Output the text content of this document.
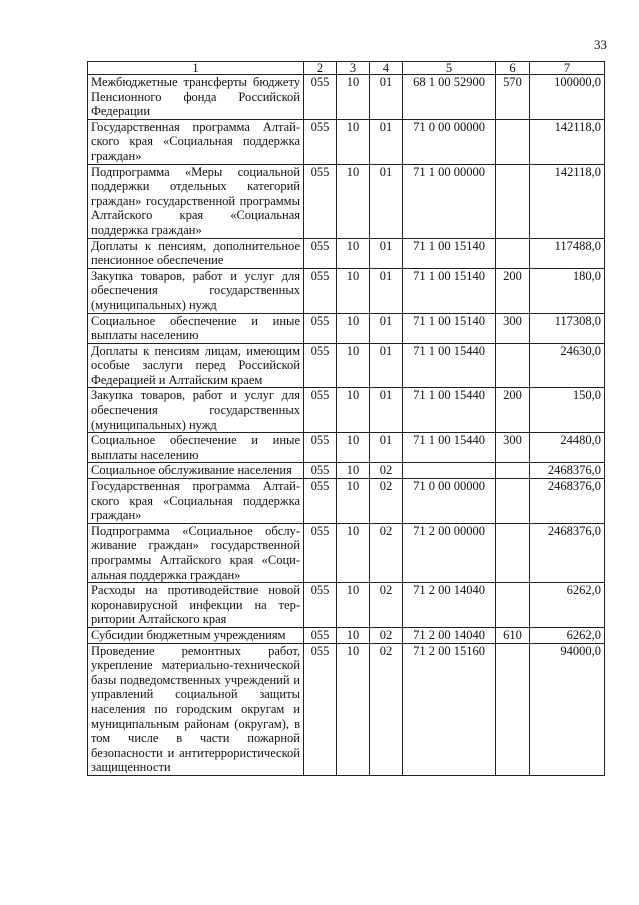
33
1	2	3	4	5	6	7
Межбюджетные трансферты бюджету Пенсионного фонда Российской Федерации	055	10	01	68 1 00 52900	570	100000,0
Государственная программа Алтайского края «Социальная поддержка граждан»	055	10	01	71 0 00 00000		142118,0
Подпрограмма «Меры социальной поддержки отдельных категорий граждан» государственной программы Алтайского края «Социальная поддержка граждан»	055	10	01	71 1 00 00000		142118,0
Доплаты к пенсиям, дополнительное пенсионное обеспечение	055	10	01	71 1 00 15140		117488,0
Закупка товаров, работ и услуг для обеспечения государственных (муниципальных) нужд	055	10	01	71 1 00 15140	200	180,0
Социальное обеспечение и иные выплаты населению	055	10	01	71 1 00 15140	300	117308,0
Доплаты к пенсиям лицам, имеющим особые заслуги перед Российской Федерацией и Алтайским краем	055	10	01	71 1 00 15440		24630,0
Закупка товаров, работ и услуг для обеспечения государственных (муниципальных) нужд	055	10	01	71 1 00 15440	200	150,0
Социальное обеспечение и иные выплаты населению	055	10	01	71 1 00 15440	300	24480,0
Социальное обслуживание населения	055	10	02			2468376,0
Государственная программа Алтайского края «Социальная поддержка граждан»	055	10	02	71 0 00 00000		2468376,0
Подпрограмма «Социальное обслуживание граждан» государственной программы Алтайского края «Социальная поддержка граждан»	055	10	02	71 2 00 00000		2468376,0
Расходы на противодействие новой коронавирусной инфекции на территории Алтайского края	055	10	02	71 2 00 14040		6262,0
Субсидии бюджетным учреждениям	055	10	02	71 2 00 14040	610	6262,0
Проведение ремонтных работ, укрепление материально-технической базы подведомственных учреждений и управлений социальной защиты населения по городским округам и муниципальным районам (округам), в том числе в части пожарной безопасности и антитеррористической защищенности	055	10	02	71 2 00 15160		94000,0
